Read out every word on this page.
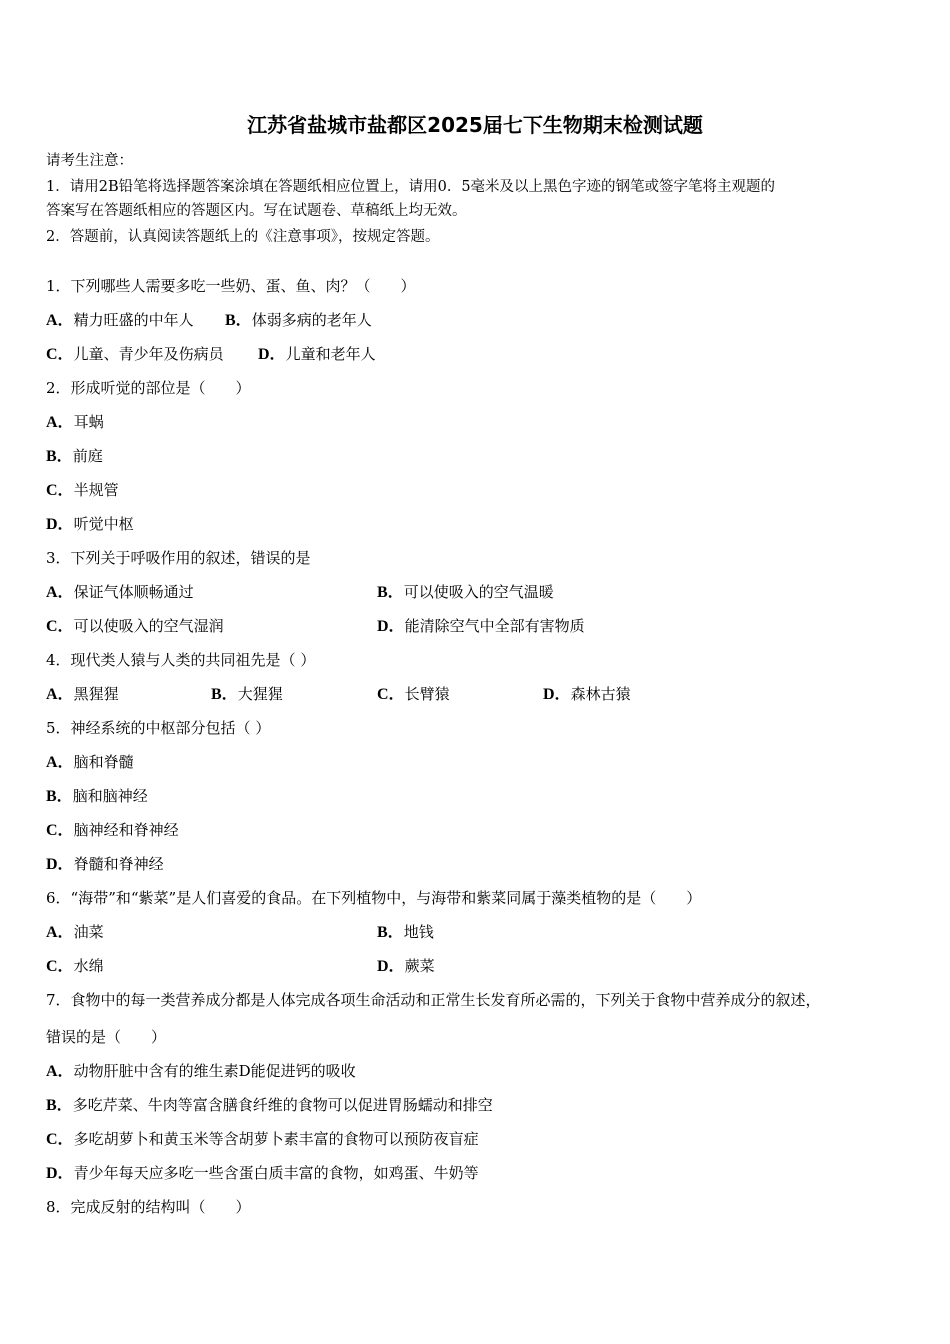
江苏省盐城市盐都区2025届七下生物期末检测试题
请考生注意：
1．请用2B铅笔将选择题答案涂填在答题纸相应位置上，请用0．5毫米及以上黑色字迹的钢笔或签字笔将主观题的
答案写在答题纸相应的答题区内。写在试题卷、草稿纸上均无效。
2．答题前，认真阅读答题纸上的《注意事项》，按规定答题。
1．下列哪些人需要多吃一些奶、蛋、鱼、肉？（　　）
A．精力旺盛的中年人 B．体弱多病的老年人
C．儿童、青少年及伤病员 D．儿童和老年人
2．形成听觉的部位是（　　）
A．耳蜗
B．前庭
C．半规管
D．听觉中枢
3．下列关于呼吸作用的叙述，错误的是
A．保证气体顺畅通过	B．可以使吸入的空气温暖
C．可以使吸入的空气湿润	D．能清除空气中全部有害物质
4．现代类人猿与人类的共同祖先是（ ）
A．黑猩猩	B．大猩猩	C．长臂猿	D．森林古猿
5．神经系统的中枢部分包括（ ）
A．脑和脊髓
B．脑和脑神经
C．脑神经和脊神经
D．脊髓和脊神经
6．“海带”和“紫菜”是人们喜爱的食品。在下列植物中，与海带和紫菜同属于藻类植物的是（　　）
A．油菜	B．地钱
C．水绵	D．蕨菜
7．食物中的每一类营养成分都是人体完成各项生命活动和正常生长发育所必需的，下列关于食物中营养成分的叙述，
错误的是（　　）
A．动物肝脏中含有的维生素D能促进钙的吸收
B．多吃芹菜、牛肉等富含膳食纤维的食物可以促进胃肠蠕动和排空
C．多吃胡萝卜和黄玉米等含胡萝卜素丰富的食物可以预防夜盲症
D．青少年每天应多吃一些含蛋白质丰富的食物，如鸡蛋、牛奶等
8．完成反射的结构叫（　　）
